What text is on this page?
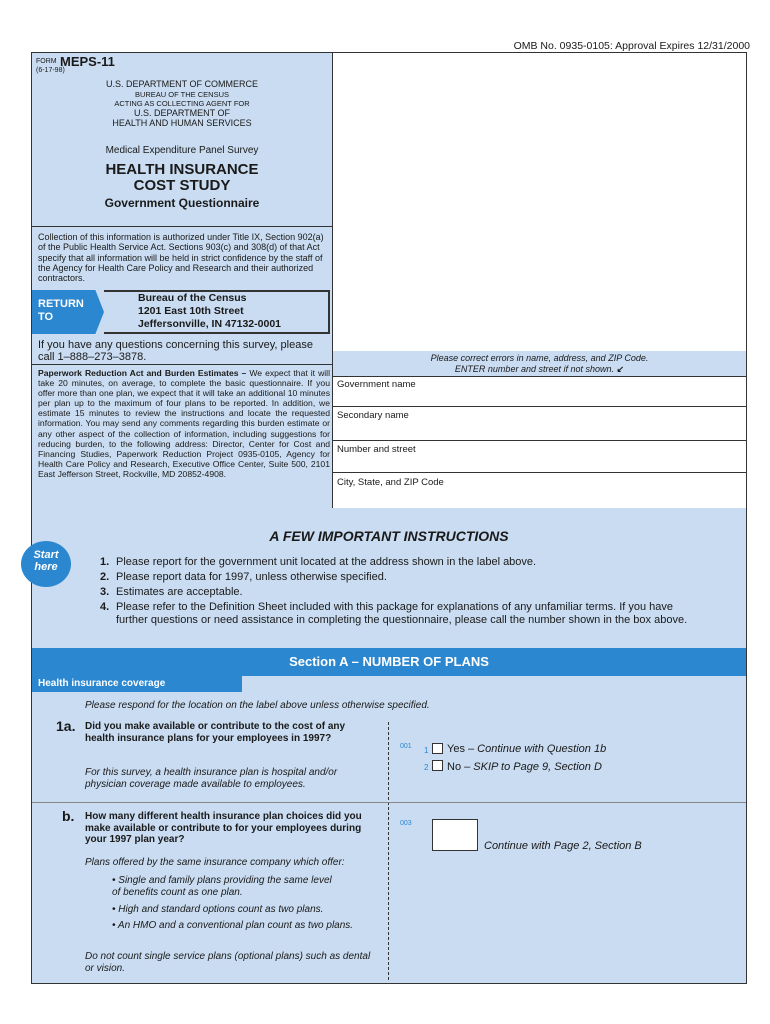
OMB No. 0935-0105: Approval Expires 12/31/2000
FORM MEPS-11
(6-17-98)
U.S. DEPARTMENT OF COMMERCE
BUREAU OF THE CENSUS
ACTING AS COLLECTING AGENT FOR
U.S. DEPARTMENT OF
HEALTH AND HUMAN SERVICES
Medical Expenditure Panel Survey
HEALTH INSURANCE
COST STUDY
Government Questionnaire
Collection of this information is authorized under Title IX, Section 902(a) of the Public Health Service Act. Sections 903(c) and 308(d) of that Act specify that all information will be held in strict confidence by the staff of the Agency for Health Care Policy and Research and their authorized contractors.
RETURN
TO
Bureau of the Census
1201 East 10th Street
Jeffersonville, IN 47132-0001
If you have any questions concerning this survey, please call 1–888–273–3878.
Paperwork Reduction Act and Burden Estimates – We expect that it will take 20 minutes, on average, to complete the basic questionnaire. If you offer more than one plan, we expect that it will take an additional 10 minutes per plan up to the maximum of four plans to be reported. In addition, we estimate 15 minutes to review the instructions and locate the requested information. You may send any comments regarding this burden estimate or any other aspect of the collection of information, including suggestions for reducing burden, to the following address: Director, Center for Cost and Financing Studies, Paperwork Reduction Project 0935-0105, Agency for Health Care Policy and Research, Executive Office Center, Suite 500, 2101 East Jefferson Street, Rockville, MD 20852-4908.
Please correct errors in name, address, and ZIP Code.
ENTER number and street if not shown. ↙
Government name
Secondary name
Number and street
City, State, and ZIP Code
A FEW IMPORTANT INSTRUCTIONS
Start
here	1. Please report for the government unit located at the address shown in the label above.
2. Please report data for 1997, unless otherwise specified.
3. Estimates are acceptable.
4. Please refer to the Definition Sheet included with this package for explanations of any unfamiliar terms. If you have further questions or need assistance in completing the questionnaire, please call the number shown in the box above.
Section A – NUMBER OF PLANS
Health insurance coverage
Please respond for the location on the label above unless otherwise specified.
1a. Did you make available or contribute to the cost of any health insurance plans for your employees in 1997?
For this survey, a health insurance plan is hospital and/or physician coverage made available to employees.
001 1 Yes – Continue with Question 1b
2 No – SKIP to Page 9, Section D
b. How many different health insurance plan choices did you make available or contribute to for your employees during your 1997 plan year?
Plans offered by the same insurance company which offer:
• Single and family plans providing the same level of benefits count as one plan.
• High and standard options count as two plans.
• An HMO and a conventional plan count as two plans.
Do not count single service plans (optional plans) such as dental or vision.
003
Continue with Page 2, Section B
